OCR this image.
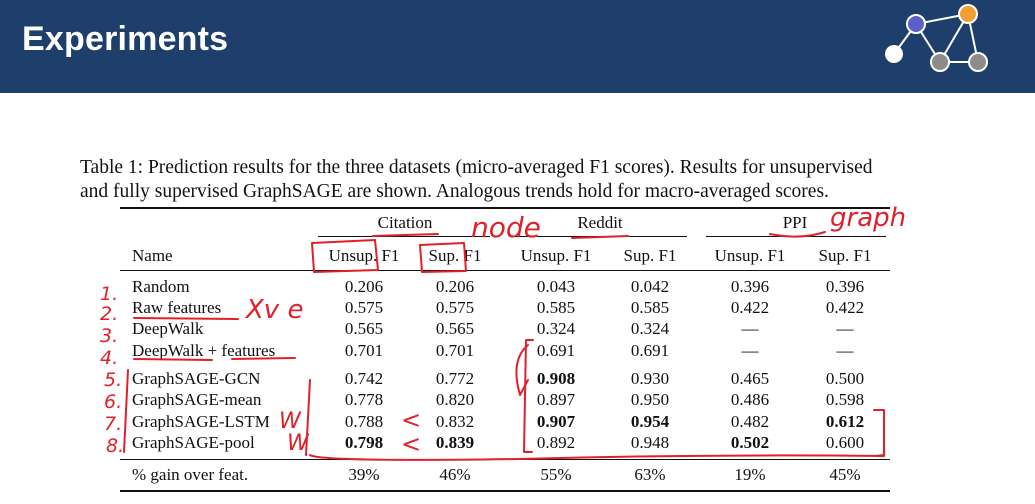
Experiments
Table 1: Prediction results for the three datasets (micro-averaged F1 scores). Results for unsupervised
and fully supervised GraphSAGE are shown. Analogous trends hold for macro-averaged scores.
Citation	Reddit	PPI
Name	Unsup. F1	Sup. F1	Unsup. F1	Sup. F1	Unsup. F1	Sup. F1
Random	0.206	0.206	0.043	0.042	0.396	0.396
Raw features	0.575	0.575	0.585	0.585	0.422	0.422
DeepWalk	0.565	0.565	0.324	0.324	—	—
DeepWalk + features	0.701	0.701	0.691	0.691	—	—
GraphSAGE-GCN	0.742	0.772	0.908	0.930	0.465	0.500
GraphSAGE-mean	0.778	0.820	0.897	0.950	0.486	0.598
GraphSAGE-LSTM	0.788	0.832	0.907	0.954	0.482	0.612
GraphSAGE-pool	0.798	0.839	0.892	0.948	0.502	0.600
% gain over feat.	39%	46%	55%	63%	19%	45%
node	graph
Xv e
1.
2.
3.
4.
5.
6.
7.
8.
W
W
<
<
